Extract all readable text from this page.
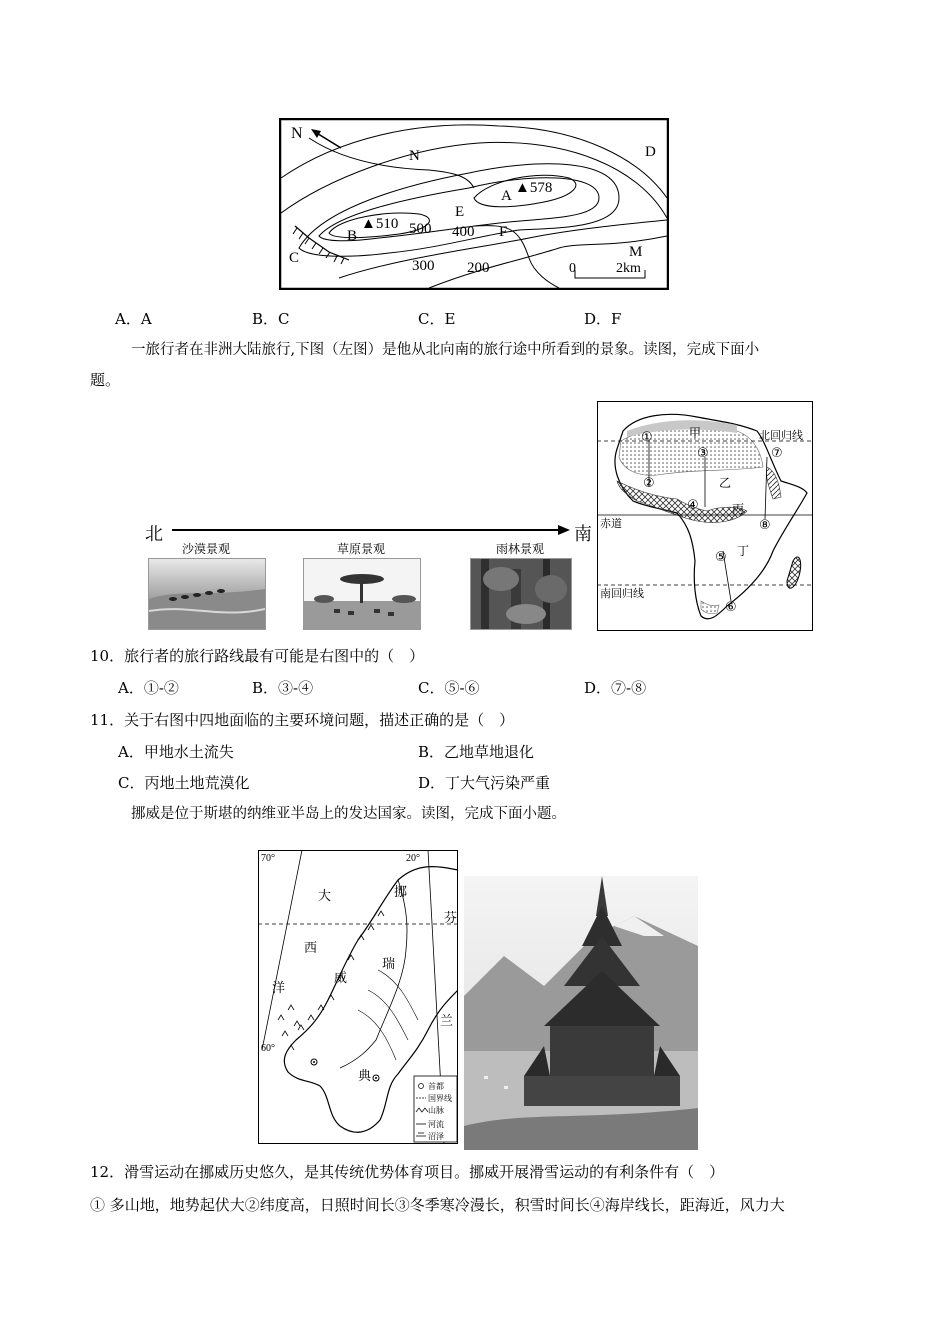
N
N	D
A ▲578
E
B
▲510 500 400 F
C	M
300 200	0	2km
A．A	B．C	C．E	D．F
一旅行者在非洲大陆旅行,下图（左图）是他从北向南的旅行途中所看到的景象。读图，完成下面小
题。
北	南
沙漠景观	草原景观	雨林景观
北回归线
赤道
南回归线
甲
乙
丙
丁
①
②
③
④
⑤
⑥
⑦
⑧
10．旅行者的旅行路线最有可能是右图中的（　）
A．①-②	B．③-④	C．⑤-⑥	D．⑦-⑧
11．关于右图中四地面临的主要环境问题，描述正确的是（　）
A．甲地水土流失	B．乙地草地退化
C．丙地土地荒漠化	D．丁大气污染严重
挪威是位于斯堪的纳维亚半岛上的发达国家。读图，完成下面小题。
70°	20°
60°
大
西
洋
挪
威
瑞
典
芬
兰
首都
国界线
山脉
河流
沼泽
12．滑雪运动在挪威历史悠久，是其传统优势体育项目。挪威开展滑雪运动的有利条件有（　）
① 多山地，地势起伏大②纬度高，日照时间长③冬季寒冷漫长，积雪时间长④海岸线长，距海近，风力大
